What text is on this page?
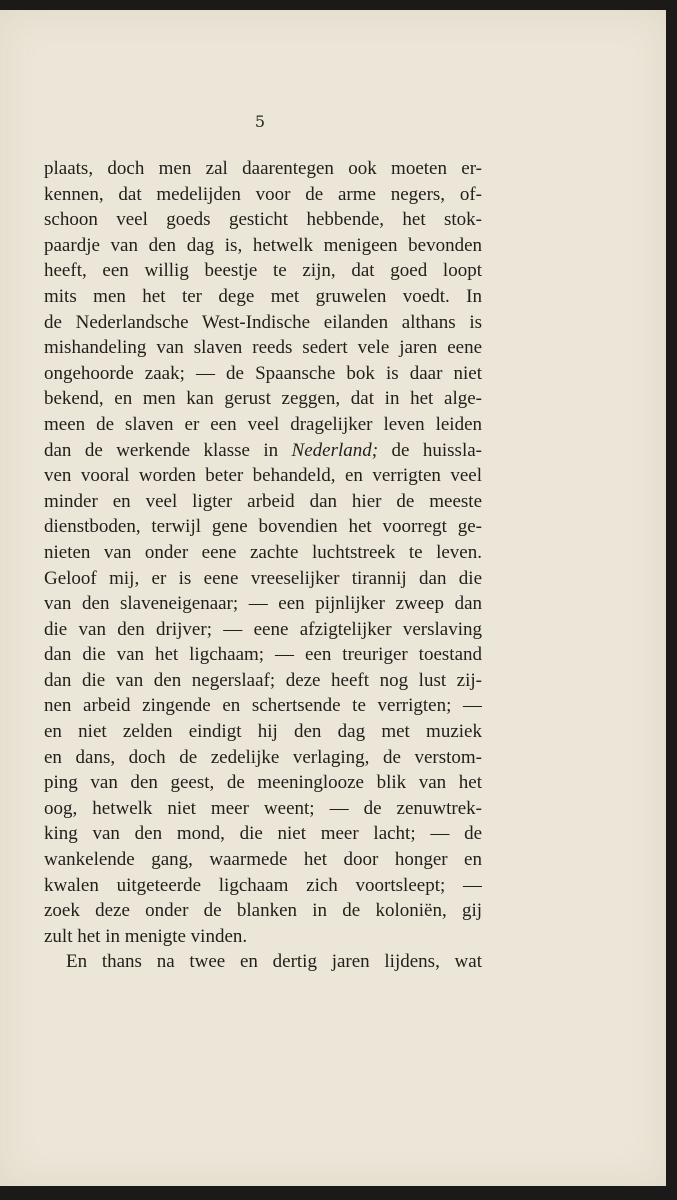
5
plaats, doch men zal daarentegen ook moeten er-
kennen, dat medelijden voor de arme negers, of-
schoon veel goeds gesticht hebbende, het stok-
paardje van den dag is, hetwelk menigeen bevonden
heeft, een willig beestje te zijn, dat goed loopt
mits men het ter dege met gruwelen voedt. In
de Nederlandsche West-Indische eilanden althans is
mishandeling van slaven reeds sedert vele jaren eene
ongehoorde zaak; — de Spaansche bok is daar niet
bekend, en men kan gerust zeggen, dat in het alge-
meen de slaven er een veel dragelijker leven leiden
dan de werkende klasse in Nederland; de huissla-
ven vooral worden beter behandeld, en verrigten veel
minder en veel ligter arbeid dan hier de meeste
dienstboden, terwijl gene bovendien het voorregt ge-
nieten van onder eene zachte luchtstreek te leven.
Geloof mij, er is eene vreeselijker tirannij dan die
van den slaveneigenaar; — een pijnlijker zweep dan
die van den drijver; — eene afzigtelijker verslaving
dan die van het ligchaam; — een treuriger toestand
dan die van den negerslaaf; deze heeft nog lust zij-
nen arbeid zingende en schertsende te verrigten; —
en niet zelden eindigt hij den dag met muziek
en dans, doch de zedelijke verlaging, de verstom-
ping van den geest, de meeninglooze blik van het
oog, hetwelk niet meer weent; — de zenuwtrek-
king van den mond, die niet meer lacht; — de
wankelende gang, waarmede het door honger en
kwalen uitgeteerde ligchaam zich voortsleept; —
zoek deze onder de blanken in de koloniën, gij
zult het in menigte vinden.
En thans na twee en dertig jaren lijdens, wat
